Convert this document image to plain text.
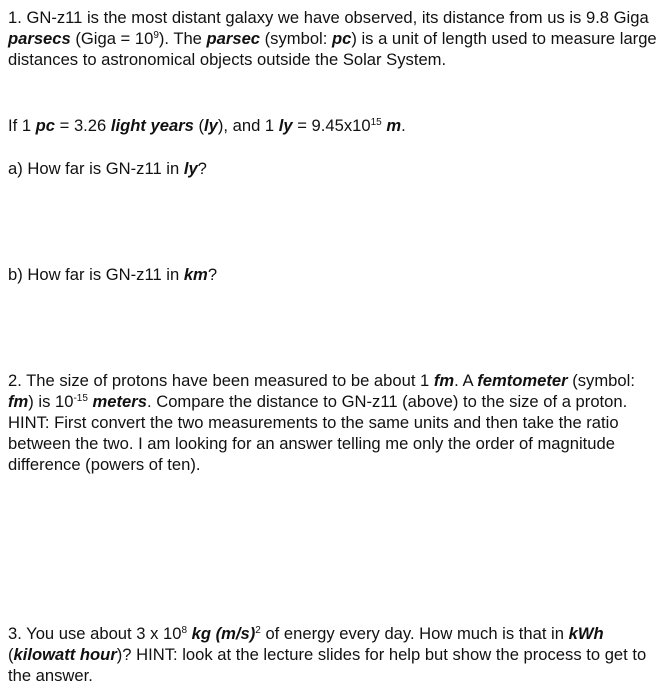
1. GN-z11 is the most distant galaxy we have observed, its distance from us is 9.8 Giga parsecs (Giga = $10^9$). The parsec (symbol: pc) is a unit of length used to measure large distances to astronomical objects outside the Solar System.

If 1 pc = 3.26 light years (ly), and 1 ly = $9.45x10^{15}$ m.

a) How far is GN-z11 in ly?

b) How far is GN-z11 in km?

2. The size of protons have been measured to be about 1 fm. A femtometer (symbol: fm) is $10^{-15}$ meters. Compare the distance to GN-z11 (above) to the size of a proton. HINT: First convert the two measurements to the same units and then take the ratio between the two. I am looking for an answer telling me only the order of magnitude difference (powers of ten).

3. You use about 3 x $10^8$ kg $(m/s)^2$ of energy every day. How much is that in kWh (kilowatt hour)? HINT: look at the lecture slides for help but show the process to get to the answer.
